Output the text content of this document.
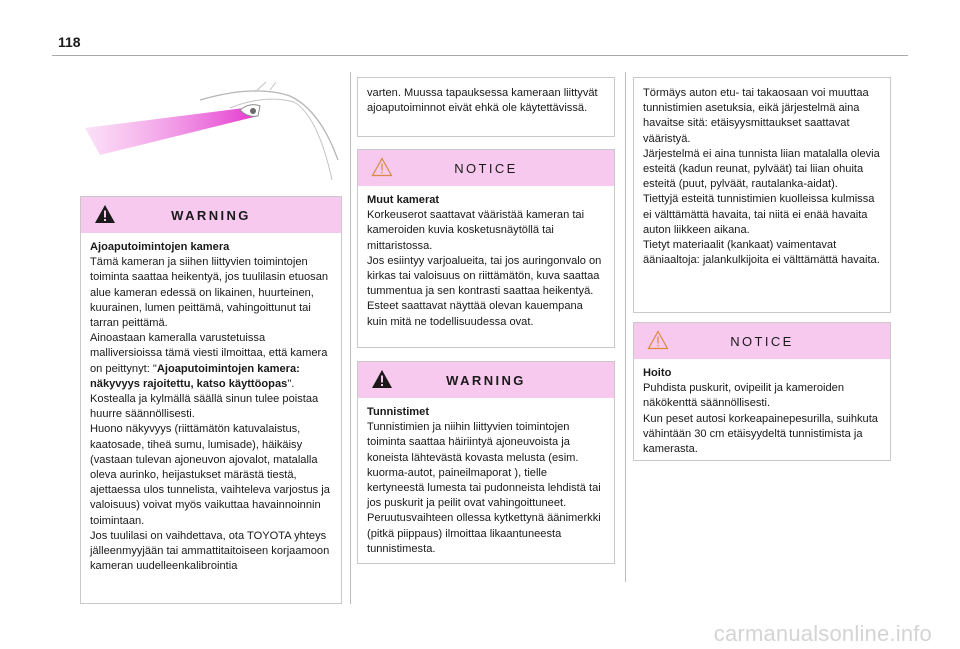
118
WARNING
Ajoaputoimintojen kamera
Tämä kameran ja siihen liittyvien toimintojen toiminta saattaa heikentyä, jos tuulilasin etuosan alue kameran edessä on likainen, huurteinen, kuurainen, lumen peittämä, vahingoittunut tai tarran peittämä.
Ainoastaan kameralla varustetuissa malliversioissa tämä viesti ilmoittaa, että kamera on peittynyt: "Ajoaputoimintojen kamera: näkyvyys rajoitettu, katso käyttöopas".
Kostealla ja kylmällä säällä sinun tulee poistaa huurre säännöllisesti.
Huono näkyvyys (riittämätön katuvalaistus, kaatosade, tiheä sumu, lumisade), häikäisy (vastaan tulevan ajoneuvon ajovalot, matalalla oleva aurinko, heijastukset märästä tiestä, ajettaessa ulos tunnelista, vaihteleva varjostus ja valoisuus) voivat myös vaikuttaa havainnoinnin toimintaan.
Jos tuulilasi on vaihdettava, ota TOYOTA yhteys jälleenmyyjään tai ammattitaitoiseen korjaamoon kameran uudelleenkalibrointia
varten. Muussa tapauksessa kameraan liittyvät ajoaputoiminnot eivät ehkä ole käytettävissä.
NOTICE
Muut kamerat
Korkeuserot saattavat vääristää kameran tai kameroiden kuvia kosketusnäytöllä tai mittaristossa.
Jos esiintyy varjoalueita, tai jos auringonvalo on kirkas tai valoisuus on riittämätön, kuva saattaa tummentua ja sen kontrasti saattaa heikentyä.
Esteet saattavat näyttää olevan kauempana kuin mitä ne todellisuudessa ovat.
WARNING
Tunnistimet
Tunnistimien ja niihin liittyvien toimintojen toiminta saattaa häiriintyä ajoneuvoista ja koneista lähtevästä kovasta melusta (esim. kuorma-autot, paineilmaporat ), tielle kertyneestä lumesta tai pudonneista lehdistä tai jos puskurit ja peilit ovat vahingoittuneet.
Peruutusvaihteen ollessa kytkettynä äänimerkki (pitkä piippaus) ilmoittaa likaantuneesta tunnistimesta.
Törmäys auton etu- tai takaosaan voi muuttaa tunnistimien asetuksia, eikä järjestelmä aina havaitse sitä: etäisyysmittaukset saattavat vääristyä.
Järjestelmä ei aina tunnista liian matalalla olevia esteitä (kadun reunat, pylväät) tai liian ohuita esteitä (puut, pylväät, rautalanka-aidat).
Tiettyjä esteitä tunnistimien kuolleissa kulmissa ei välttämättä havaita, tai niitä ei enää havaita auton liikkeen aikana.
Tietyt materiaalit (kankaat) vaimentavat ääniaaltoja: jalankulkijoita ei välttämättä havaita.
NOTICE
Hoito
Puhdista puskurit, ovipeilit ja kameroiden näkökenttä säännöllisesti.
Kun peset autosi korkeapainepesurilla, suihkuta vähintään 30 cm etäisyydeltä tunnistimista ja kamerasta.
carmanualsonline.info
